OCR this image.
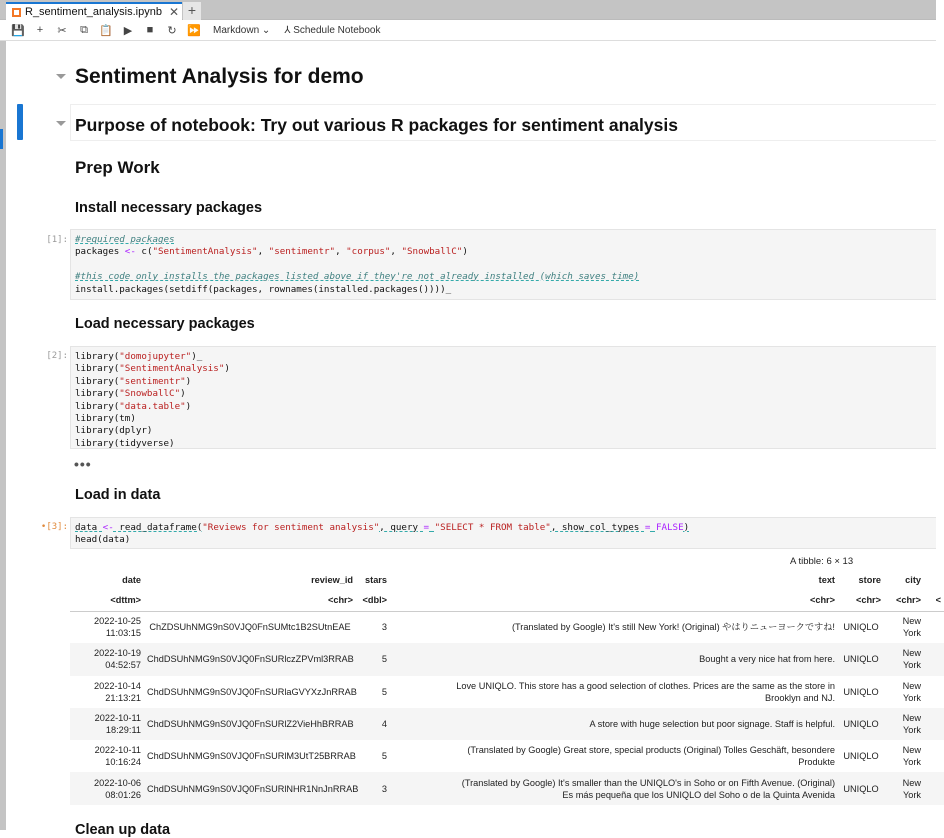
R_sentiment_analysis.ipynb ✕ +
💾	+	✂	⧉	📋 ▶	■	↻ ⏩	Markdown ⌄ ⅄ Schedule Notebook
Sentiment Analysis for demo
Purpose of notebook: Try out various R packages for sentiment analysis
Prep Work
Install necessary packages
[1]: #required packages
packages <- c("SentimentAnalysis", "sentimentr", "corpus", "SnowballC")

#this code only installs the packages listed above if they're not already installed (which saves time)
install.packages(setdiff(packages, rownames(installed.packages())))_
Load necessary packages
[2]: library("domojupyter")_
library("SentimentAnalysis")
library("sentimentr")
library("SnowballC")
library("data.table")
library(tm)
library(dplyr)
library(tidyverse)
•••
Load in data
•[3]: data <- read_dataframe("Reviews for sentiment analysis", query = "SELECT * FROM table", show_col_types = FALSE)
head(data)
A tibble: 6 × 13
date	review_id	stars	text	store	city	
<dttm>	<chr>	<dbl>	<chr>	<chr>	<chr>	<
2022-10-25
11:03:15	ChZDSUhNMG9nS0VJQ0FnSUMtc1B2SUtnEAE	3	(Translated by Google) It's still New York! (Original) やはりニューヨークですね!	UNIQLO	New
York	
2022-10-19
04:52:57	ChdDSUhNMG9nS0VJQ0FnSURlczZPVml3RRAB	5	Bought a very nice hat from here.	UNIQLO	New
York	
2022-10-14
21:13:21	ChdDSUhNMG9nS0VJQ0FnSURlaGVYXzJnRRAB	5	Love UNIQLO. This store has a good selection of clothes. Prices are the same as the store in
Brooklyn and NJ.	UNIQLO	New
York	
2022-10-11
18:29:11	ChdDSUhNMG9nS0VJQ0FnSURlZ2VieHhBRRAB	4	A store with huge selection but poor signage. Staff is helpful.	UNIQLO	New
York	
2022-10-11
10:16:24	ChdDSUhNMG9nS0VJQ0FnSURlM3UtT25BRRAB	5	(Translated by Google) Great store, special products (Original) Tolles Geschäft, besondere
Produkte	UNIQLO	New
York	
2022-10-06
08:01:26	ChdDSUhNMG9nS0VJQ0FnSURlNHR1NnJnRRAB	3	(Translated by Google) It's smaller than the UNIQLO's in Soho or on Fifth Avenue. (Original)
Es más pequeña que los UNIQLO del Soho o de la Quinta Avenida	UNIQLO	New
York	
Clean up data
